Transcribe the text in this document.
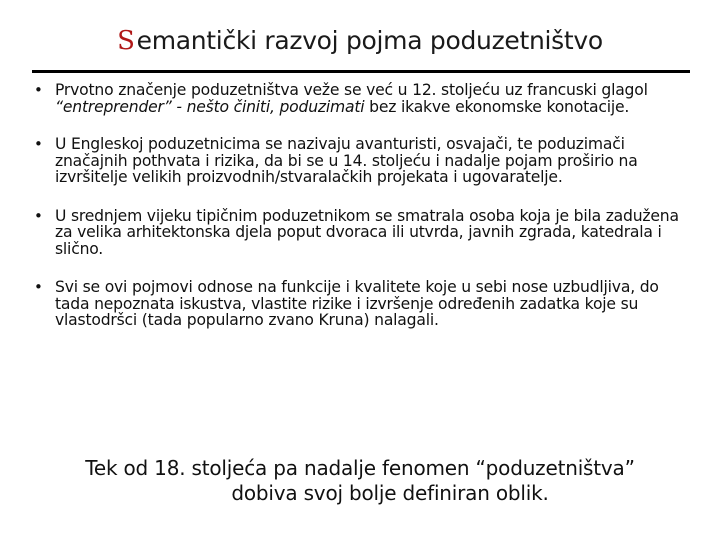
Semantički razvoj pojma poduzetništvo
• Prvotno značenje poduzetništva veže se već u 12. stoljeću uz francuski glagol “entreprender” - nešto činiti, poduzimati bez ikakve ekonomske konotacije.
• U Engleskoj poduzetnicima se nazivaju avanturisti, osvajači, te poduzimači značajnih pothvata i rizika, da bi se u 14. stoljeću i nadalje pojam proširio na izvršitelje velikih proizvodnih/stvaralačkih projekata i ugovaratelje.
• U srednjem vijeku tipičnim poduzetnikom se smatrala osoba koja je bila zadužena za velika arhitektonska djela poput dvoraca ili utvrda, javnih zgrada, katedrala i slično.
• Svi se ovi pojmovi odnose na funkcije i kvalitete koje u sebi nose uzbudljiva, do tada nepoznata iskustva, vlastite rizike i izvršenje određenih zadatka koje su vlastodršci (tada popularno zvano Kruna) nalagali.
Tek od 18. stoljeća pa nadalje fenomen “poduzetništva”
dobiva svoj bolje definiran oblik.
